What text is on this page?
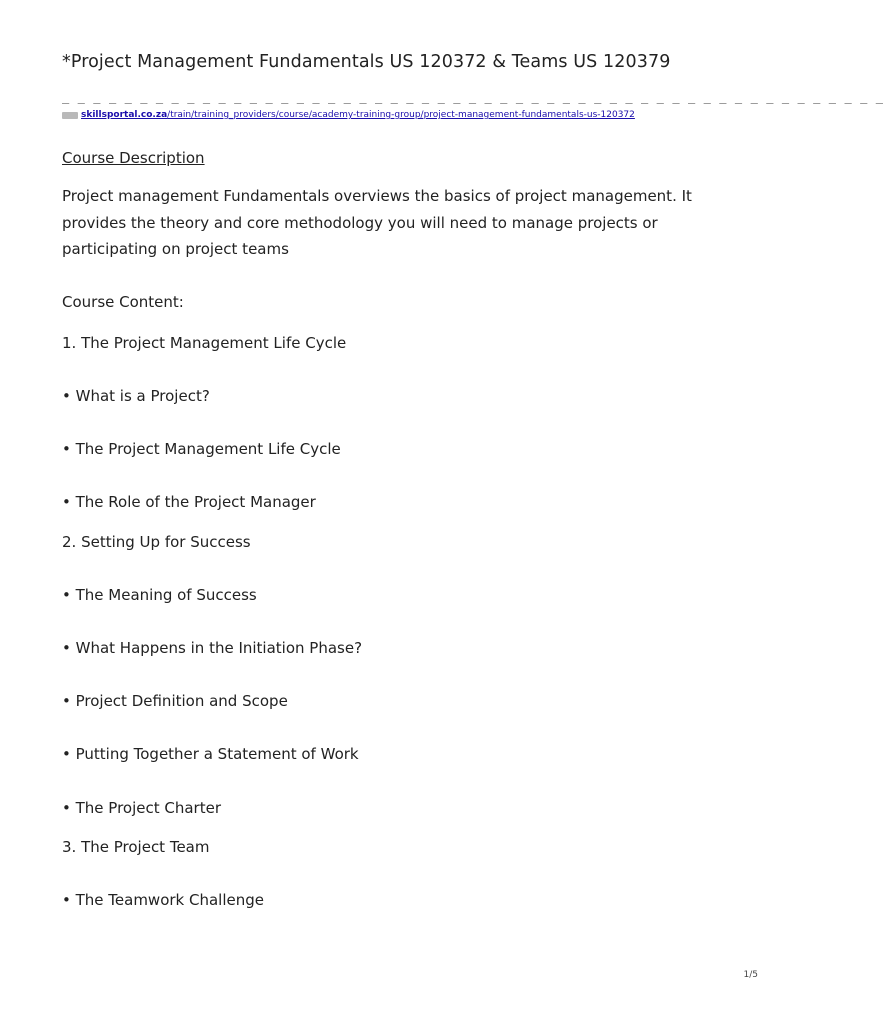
*Project Management Fundamentals US 120372 & Teams US 120379
_ _ _ _ _ _ _ _ _ _ _ _ _ _ _ _ _ _ _ _ _ _ _ _ _ _ _ _ _ _ _ _ _ _ _ _ _ _ _ _ _ _ _ _ _ _ _ _ _ _ _ _ _
skillsportal.co.za/train/training_providers/course/academy-training-group/project-management-fundamentals-us-120372
Course Description
Project management Fundamentals overviews the basics of project management. It provides the theory and core methodology you will need to manage projects or participating on project teams
Course Content:
1. The Project Management Life Cycle
• What is a Project?
• The Project Management Life Cycle
• The Role of the Project Manager
2. Setting Up for Success
• The Meaning of Success
• What Happens in the Initiation Phase?
• Project Definition and Scope
• Putting Together a Statement of Work
• The Project Charter
3. The Project Team
• The Teamwork Challenge
1/5
